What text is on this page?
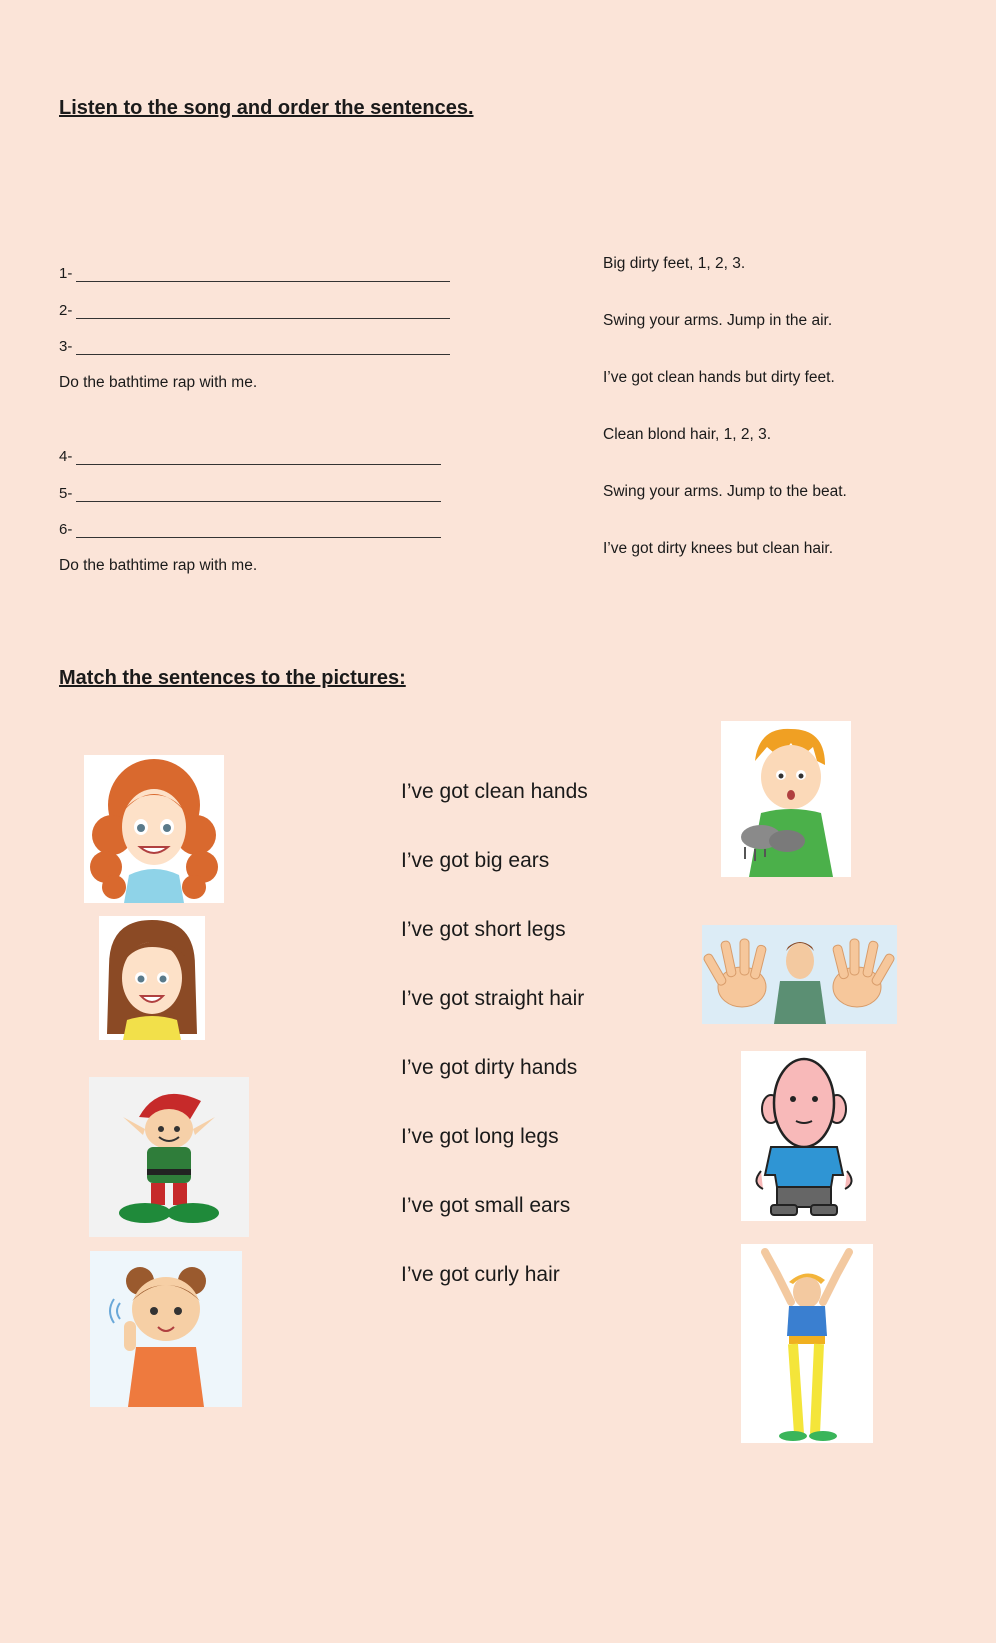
Listen to the song and order the sentences.
1-
2-
3-
Do the bathtime rap with me.
4-
5-
6-
Do the bathtime rap with me.
Big dirty feet, 1, 2, 3.
Swing your arms. Jump in the air.
I’ve got clean hands but dirty feet.
Clean blond hair, 1, 2, 3.
Swing your arms. Jump to the beat.
I’ve got dirty knees but clean hair.
Match the sentences to the pictures:
I’ve got clean hands
I’ve got big ears
I’ve got short legs
I’ve got straight hair
I’ve got dirty hands
I’ve got long legs
I’ve got small ears
I’ve got curly hair
